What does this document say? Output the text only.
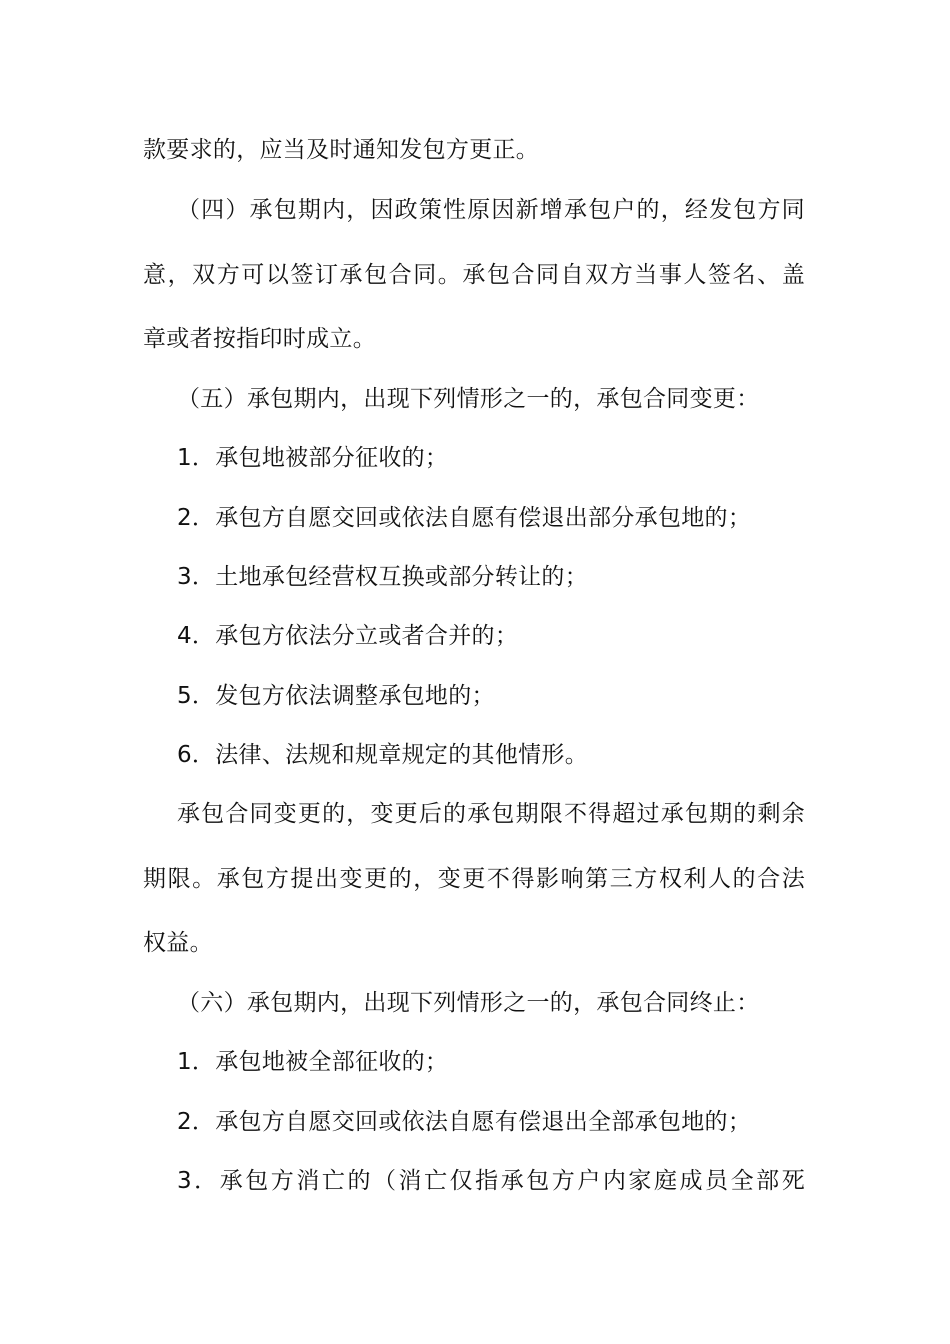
款要求的，应当及时通知发包方更正。
（四）承包期内，因政策性原因新增承包户的，经发包方同
意，双方可以签订承包合同。承包合同自双方当事人签名、盖
章或者按指印时成立。
（五）承包期内，出现下列情形之一的，承包合同变更：
1．承包地被部分征收的；
2．承包方自愿交回或依法自愿有偿退出部分承包地的；
3．土地承包经营权互换或部分转让的；
4．承包方依法分立或者合并的；
5．发包方依法调整承包地的；
6．法律、法规和规章规定的其他情形。
承包合同变更的，变更后的承包期限不得超过承包期的剩余
期限。承包方提出变更的，变更不得影响第三方权利人的合法
权益。
（六）承包期内，出现下列情形之一的，承包合同终止：
1．承包地被全部征收的；
2．承包方自愿交回或依法自愿有偿退出全部承包地的；
3．承包方消亡的（消亡仅指承包方户内家庭成员全部死
